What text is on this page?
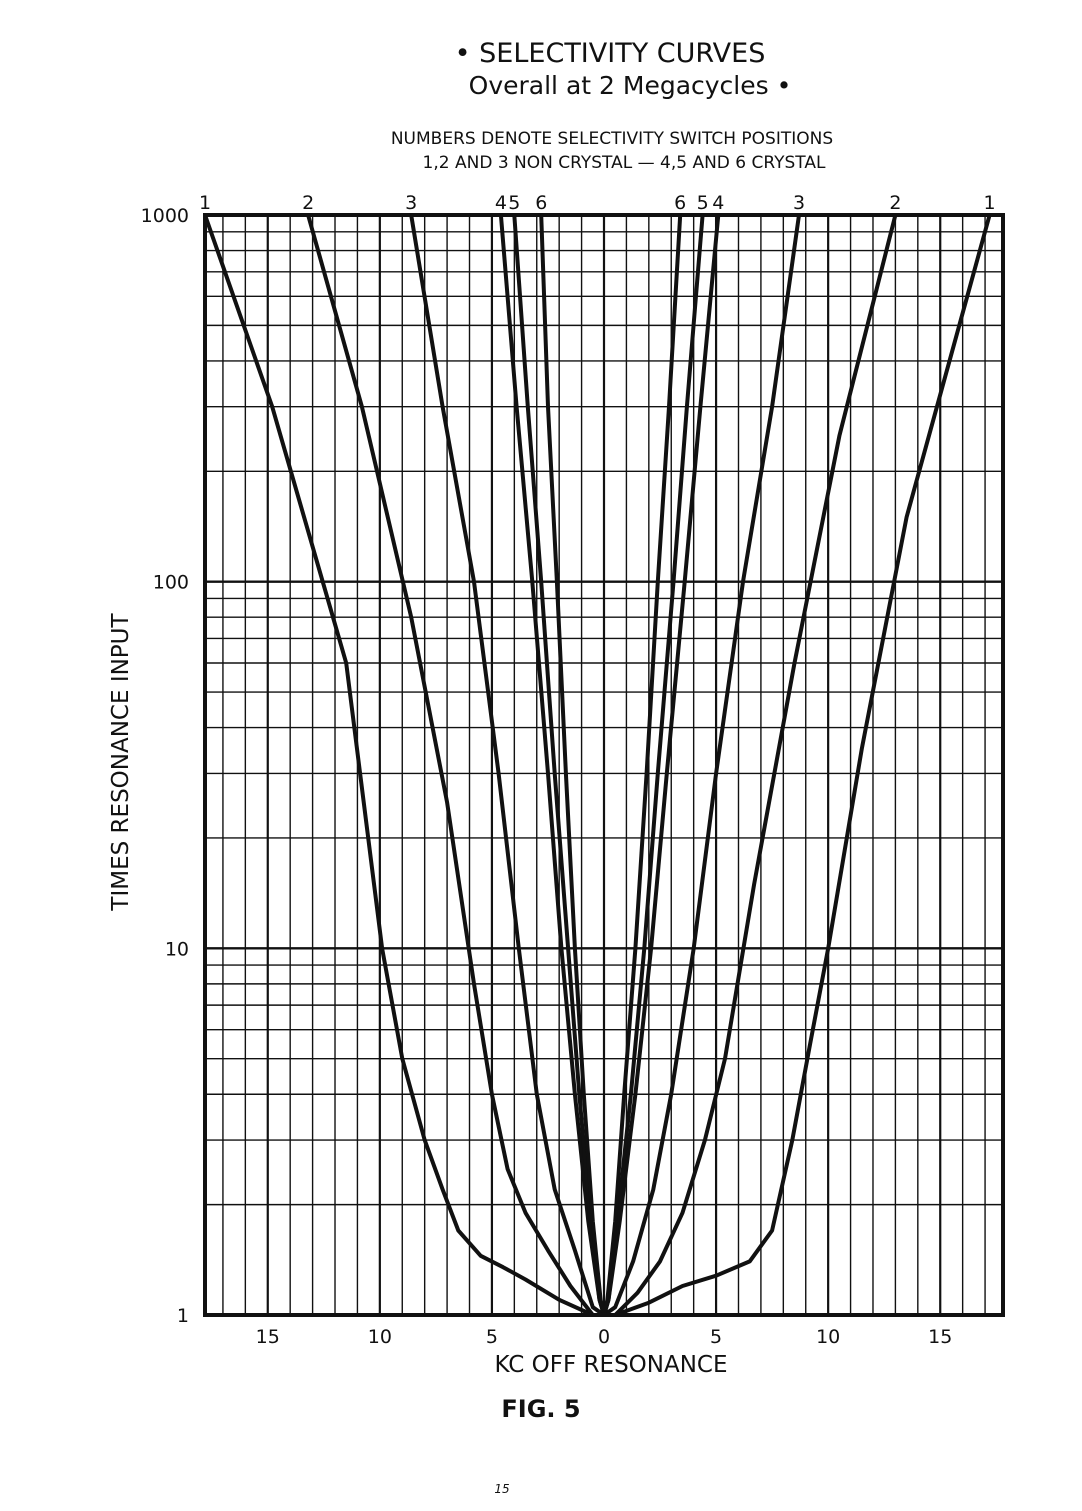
• SELECTIVITY CURVES
Overall at 2 Megacycles •
NUMBERS DENOTE SELECTIVITY SWITCH POSITIONS
1,2 AND 3 NON CRYSTAL — 4,5 AND 6 CRYSTAL
15	10	5	0	5	10	15
1
10
100
1000
1	2	3	4 5 6	6 5 4	3	2	1
TIMES RESONANCE INPUT
KC OFF RESONANCE
FIG. 5
15
